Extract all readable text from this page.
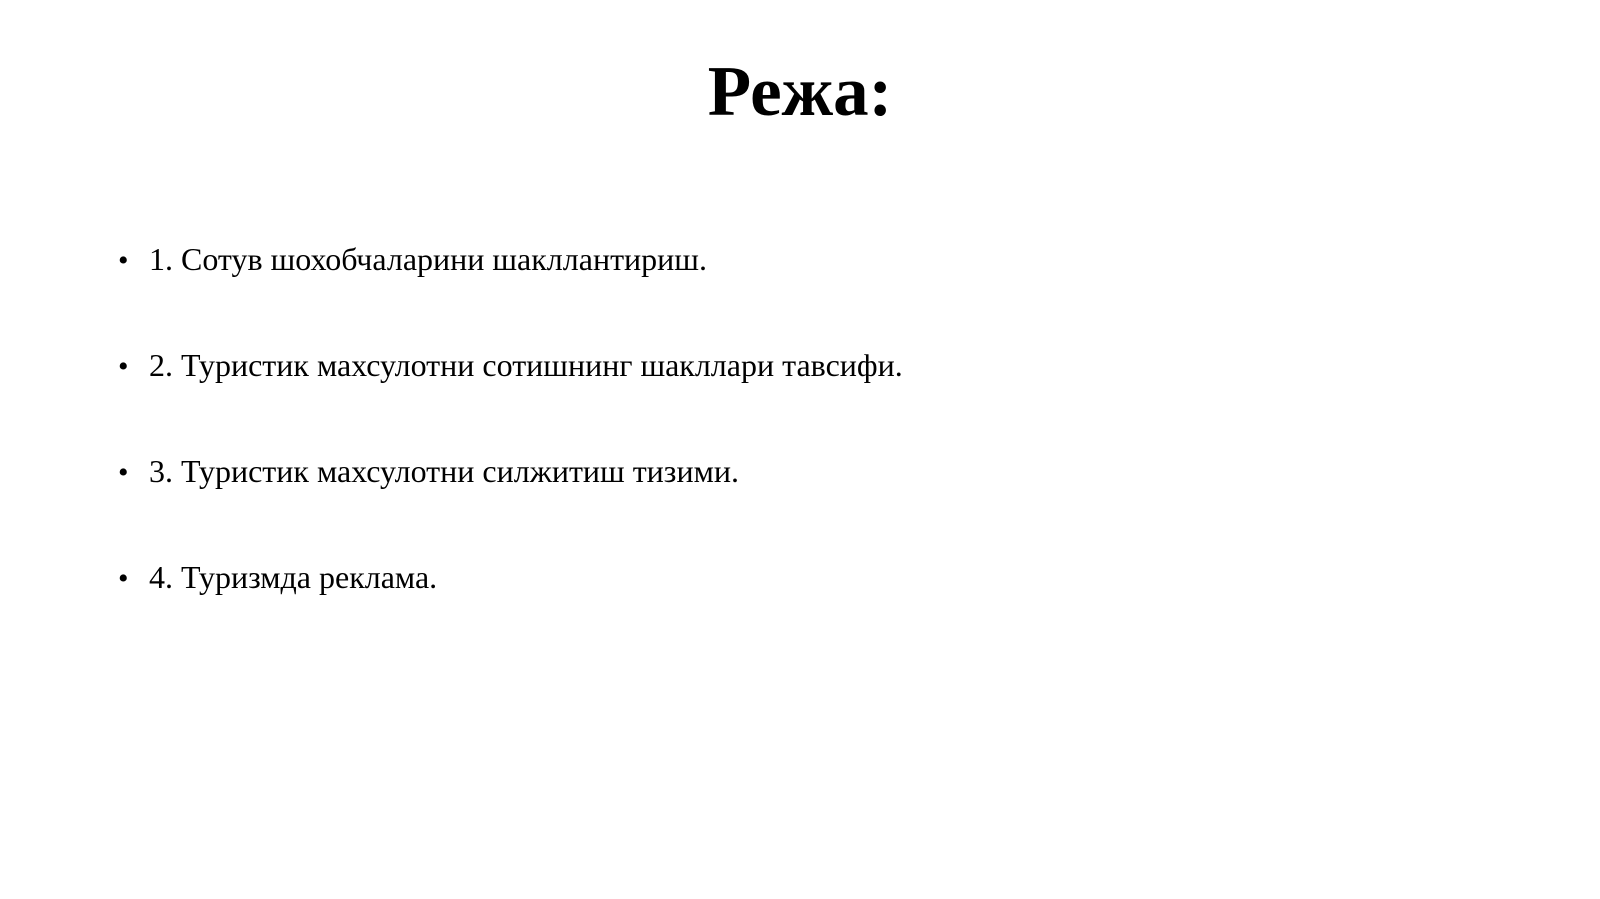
Режа:
• 1. Сотув шохобчаларини шакллантириш.
• 2. Туристик махсулотни сотишнинг шакллари тавсифи.
• 3. Туристик махсулотни силжитиш тизими.
• 4. Туризмда реклама.
